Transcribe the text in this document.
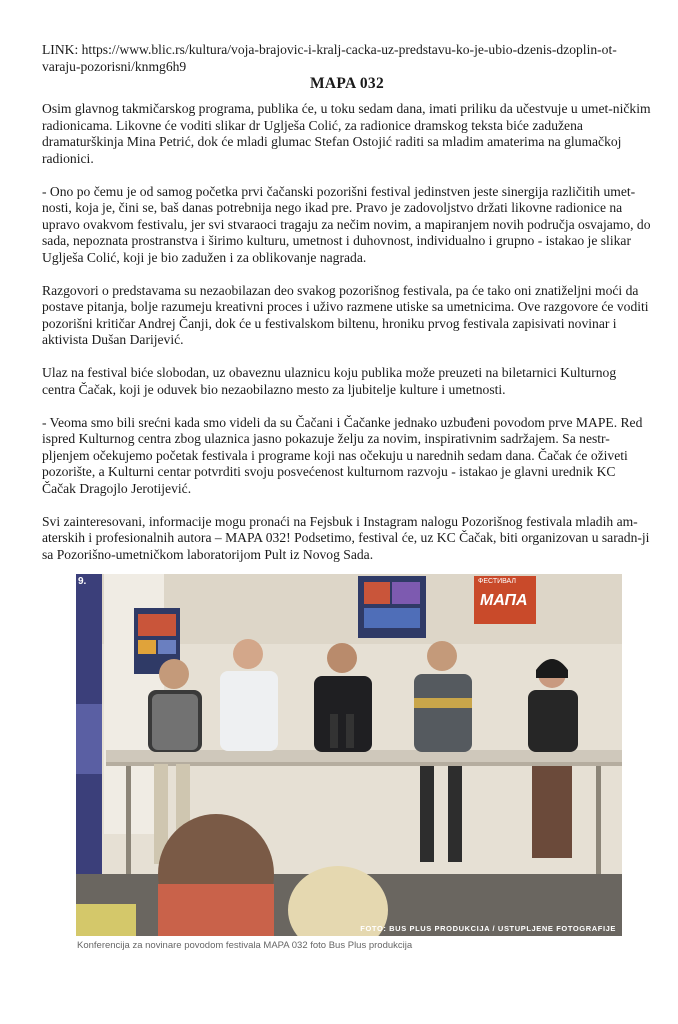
LINK: https://www.blic.rs/kultura/voja-brajovic-i-kralj-cacka-uz-predstavu-ko-je-ubio-dzenis-dzoplin-ot-varaju-pozorisni/knmg6h9

MAPA 032

Osim glavnog takmičarskog programa, publika će, u toku sedam dana, imati priliku da učestvuje u umet-ničkim radionicama. Likovne će voditi slikar dr Uglješa Colić, za radionice dramskog teksta biće zadužena dramaturškinja Mina Petrić, dok će mladi glumac Stefan Ostojić raditi sa mladim amaterima na glumačkoj radionici.

- Ono po čemu je od samog početka prvi čačanski pozorišni festival jedinstven jeste sinergija različitih umet-nosti, koja je, čini se, baš danas potrebnija nego ikad pre. Pravo je zadovoljstvo držati likovne radionice na upravo ovakvom festivalu, jer svi stvaraoci tragaju za nečim novim, a mapiranjem novih područja osvajamo, do sada, nepoznata prostranstva i širimo kulturu, umetnost i duhovnost, individualno i grupno - istakao je slikar Uglješa Colić, koji je bio zadužen i za oblikovanje nagrada.

Razgovori o predstavama su nezaobilazan deo svakog pozorišnog festivala, pa će tako oni znatiželjni moći da postave pitanja, bolje razumeju kreativni proces i uživo razmene utiske sa umetnicima. Ove razgovore će voditi pozorišni kritičar Andrej Čanji, dok će u festivalskom biltenu, hroniku prvog festivala zapisivati novinar i aktivista Dušan Darijević.

Ulaz na festival biće slobodan, uz obaveznu ulaznicu koju publika može preuzeti na biletarnici Kulturnog centra Čačak, koji je oduvek bio nezaobilazno mesto za ljubitelje kulture i umetnosti.

- Veoma smo bili srećni kada smo videli da su Čačani i Čačanke jednako uzbuđeni povodom prve MAPE. Red ispred Kulturnog centra zbog ulaznica jasno pokazuje želju za novim, inspirativnim sadržajem. Sa nestr-pljenjem očekujemo početak festivala i programe koji nas očekuju u narednih sedam dana. Čačak će oživeti pozorište, a Kulturni centar potvrditi svoju posvećenost kulturnom razvoju - istakao je glavni urednik KC Čačak Dragojlo Jerotijević.

Svi zainteresovani, informacije mogu pronaći na Fejsbuk i Instagram nalogu Pozorišnog festivala mladih am-aterskih i profesionalnih autora – MAPA 032! Podsetimo, festival će, uz KC Čačak, biti organizovan u saradn-ji sa Pozorišno-umetničkom laboratorijom Pult iz Novog Sada.

ФЕСТИВАЛ
МАПА
9.
FOTO: BUS PLUS PRODUKCIJA / USTUPLJENE FOTOGRAFIJE
Konferencija za novinare povodom festivala MAPA 032 foto Bus Plus produkcija
